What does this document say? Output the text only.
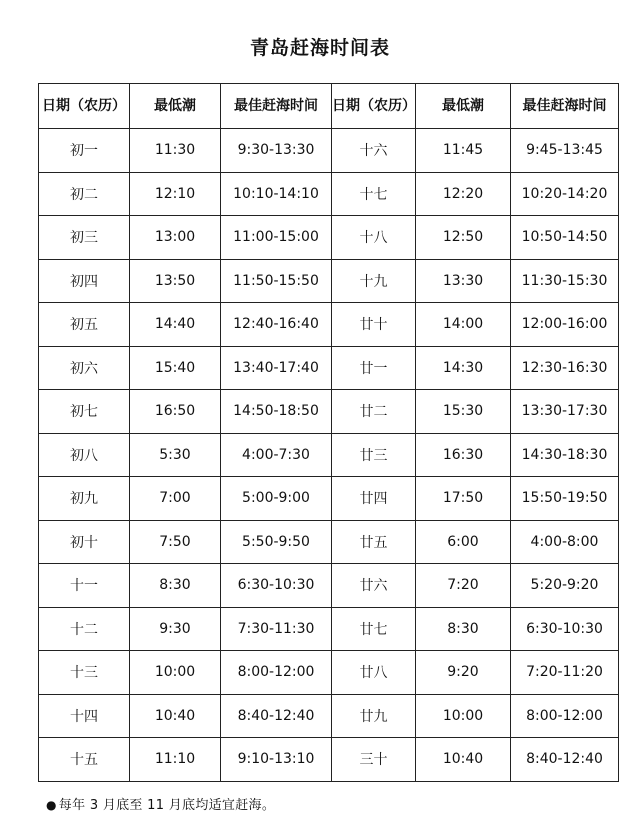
青岛赶海时间表
日期（农历）	最低潮	最佳赶海时间	日期（农历）	最低潮	最佳赶海时间
初一	11:30	9:30-13:30	十六	11:45	9:45-13:45
初二	12:10	10:10-14:10	十七	12:20	10:20-14:20
初三	13:00	11:00-15:00	十八	12:50	10:50-14:50
初四	13:50	11:50-15:50	十九	13:30	11:30-15:30
初五	14:40	12:40-16:40	廿十	14:00	12:00-16:00
初六	15:40	13:40-17:40	廿一	14:30	12:30-16:30
初七	16:50	14:50-18:50	廿二	15:30	13:30-17:30
初八	5:30	4:00-7:30	廿三	16:30	14:30-18:30
初九	7:00	5:00-9:00	廿四	17:50	15:50-19:50
初十	7:50	5:50-9:50	廿五	6:00	4:00-8:00
十一	8:30	6:30-10:30	廿六	7:20	5:20-9:20
十二	9:30	7:30-11:30	廿七	8:30	6:30-10:30
十三	10:00	8:00-12:00	廿八	9:20	7:20-11:20
十四	10:40	8:40-12:40	廿九	10:00	8:00-12:00
十五	11:10	9:10-13:10	三十	10:40	8:40-12:40
● 每年 3 月底至 11 月底均适宜赶海。
